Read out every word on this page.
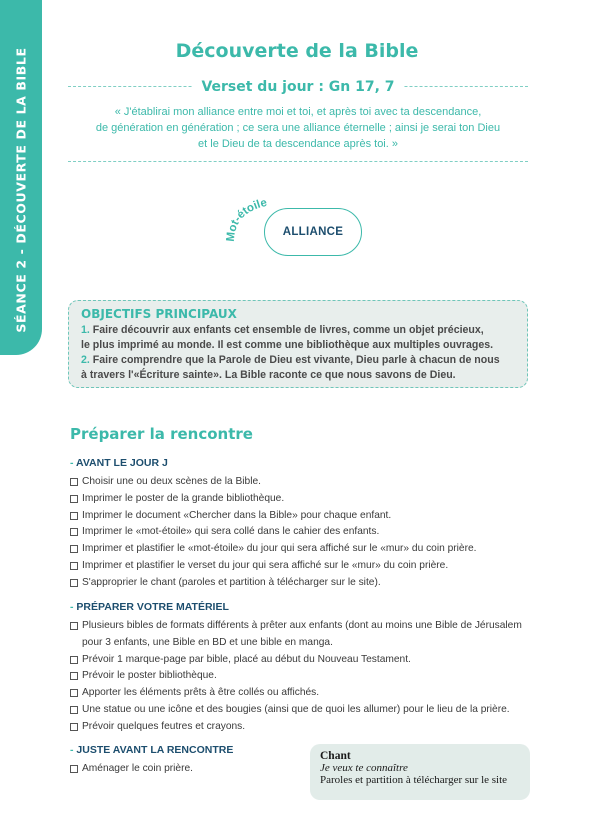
SÉANCE 2 - DÉCOUVERTE DE LA BIBLE	Découverte de la Bible
Verset du jour : Gn 17, 7
« J'établirai mon alliance entre moi et toi, et après toi avec ta descendance,
de génération en génération ; ce sera une alliance éternelle ; ainsi je serai ton Dieu
et le Dieu de ta descendance après toi. »
Mot-étoile
ALLIANCE
OBJECTIFS PRINCIPAUX
1. Faire découvrir aux enfants cet ensemble de livres, comme un objet précieux,
le plus imprimé au monde. Il est comme une bibliothèque aux multiples ouvrages.
2. Faire comprendre que la Parole de Dieu est vivante, Dieu parle à chacun de nous
à travers l'«Écriture sainte». La Bible raconte ce que nous savons de Dieu.
Préparer la rencontre
- AVANT LE JOUR J
Choisir une ou deux scènes de la Bible.
Imprimer le poster de la grande bibliothèque.
Imprimer le document «Chercher dans la Bible» pour chaque enfant.
Imprimer le «mot-étoile» qui sera collé dans le cahier des enfants.
Imprimer et plastifier le «mot-étoile» du jour qui sera affiché sur le «mur» du coin prière.
Imprimer et plastifier le verset du jour qui sera affiché sur le «mur» du coin prière.
S'approprier le chant (paroles et partition à télécharger sur le site).
- PRÉPARER VOTRE MATÉRIEL
Plusieurs bibles de formats différents à prêter aux enfants (dont au moins une Bible de Jérusalem
pour 3 enfants, une Bible en BD et une bible en manga.
Prévoir 1 marque-page par bible, placé au début du Nouveau Testament.
Prévoir le poster bibliothèque.
Apporter les éléments prêts à être collés ou affichés.
Une statue ou une icône et des bougies (ainsi que de quoi les allumer) pour le lieu de la prière.
Prévoir quelques feutres et crayons.
- JUSTE AVANT LA RENCONTRE
Aménager le coin prière.
Chant
Je veux te connaître
Paroles et partition à télécharger sur le site
